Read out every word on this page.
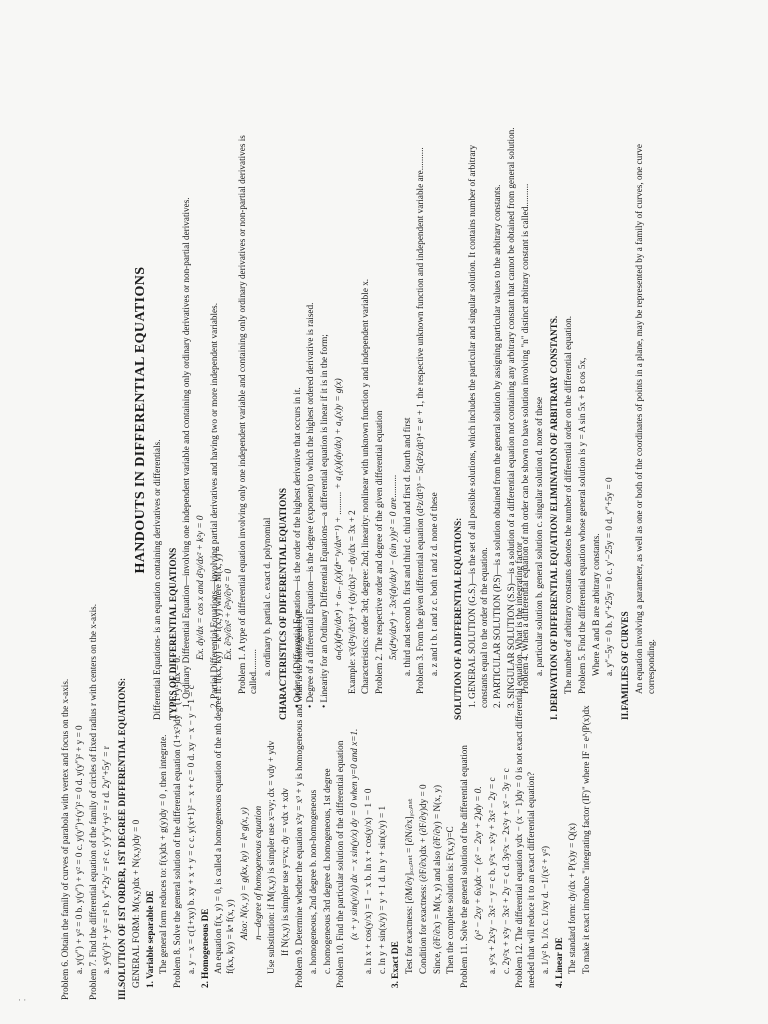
HANDOUTS IN DIFFERENTIAL EQUATIONS

Differential Equations- is an equation containing derivatives or differentials. TYPES OF DIFFERENTIAL EQUATIONS 1. Ordinary Differential Equation—involving one independent variable and containing only ordinary derivatives or non-partial derivatives. Ex. dy/dx = cos x and d²y/dx² + k²y = 0 2. Partial Differential Equations—involving partial derivatives and having two or more independent variables. Ex. ∂²y/∂x² + ∂²y/∂y² = 0 Problem 1. A type of differential equation involving only one independent variable and containing only ordinary derivatives or non-partial derivatives is called.......... a. ordinary b. partial c. exact d. polynomial CHARACTERISTICS OF DIFFERENTIAL EQUATIONS • Order of Differential Equation—is the order of the highest derivative that occurs in it. • Degree of a differential Equation—is the degree (exponent) to which the highest ordered derivative is raised. • Linearity for an Ordinary Differential Equations—a differential equation is linear if it is in the form; aₙ(x)(dⁿy/dxⁿ) + aₙ₋₁(x)(dⁿ⁻¹y/dxⁿ⁻¹) + .......... + a₁(x)(dy/dx) + a₀(x)y = g(x) Example: x²(d²y/dx²)³ + (dy/dx)² − dy/dx = 3x + 2 Characteristics: order 3rd; degree: 2nd; linearity: nonlinear with unknown function y and independent variable x. Problem 2. The respective order and degree of the given differential equation 5x(d⁴y/dx⁴) + 3x²(dy/dx)³ − (sin y)y² = 0 are.......... a. third and second b. first and third c. third and first d. fourth and first Problem 3. From the given differential equation (d²z/dt²)³ − 5t(d²z/dt²)⁴ = eᵗ + 1, the respective unknown function and independent variable are.......... a. z and t b. t and z c. both t and z d. none of these SOLUTION OF A DIFFERENTIAL EQUATIONS: 1. GENERAL SOLUTION (G.S.)—is the set of all possible solutions, which includes the particular and singular solution. It contains number of arbitrary constants equal to the order of the equation. 2. PARTICULAR SOLUTION (P.S)—is a solution obtained from the general solution by assigning particular values to the arbitrary constants. 3. SINGULAR SOLUTION (S.S)—is a solution of a differential equation not containing any arbitrary constant that cannot be obtained from general solution. Problem 4. When a differential equation of nth order can be shown to have solution involving "n" distinct arbitrary constant is called.......... a. particular solution b. general solution c. singular solution d. none of these I. DERIVATION OF DIFFERENTIAL EQUATION/ ELIMINATION OF ARBITRARY CONSTANTS. The number of arbitrary constants denotes the number of differential order on the differential equation. Problem 5. Find the differential equation whose general solution is y = A sin 5x + B cos 5x, Where A and B are arbitrary constants. a. y″−5y = 0 b. y″+25y = 0 c. y′−25y = 0 d. y″+5y = 0 II.FAMILIES OF CURVES An equation involving a parameter, as well as one or both of the coordinates of points in a plane, may be represented by a family of curves, one curve corresponding.

Problem 6. Obtain the family of curves of parabola with vertex and focus on the x-axis. a. y(y″) + y² = 0 b. y(y″) + y² = 0 c. y(y″)+(y′)² = 0 d. y(y″)² + y = 0 Problem 7. Find the differential equation of the family of circles of fixed radius r with centers on the x-axis. a. y²(y′)² + y² = r² b. y″+2y′ = r² c. y′y″y′+y² = r d. 2y″+5y′ = r III.SOLUTION OF 1ST ORDER, 1ST DEGREE DIFFERENTIAL EQUATIONS: GENERAL FORM: M(x,y)dx + N(x,y)dy = 0 1. Variable separable DE The general form reduces to: f(x)dx + g(y)dy = 0 , then integrate. Problem 8. Solve the general solution of the differential equation (1+x²)dy − (1+y²)dx = 0. a. y − x = c(1+xy) b. xy + x + y = c c. y(x+1)² − x + c = 0 d. xy − x − y − 1 = c 2. Homogeneous DE An equation f(x, y) = 0, is called a homogeneous equation of the nth degree if: f(kx, ky) = kⁿ f(x, y) where M(x, y) = f(kx, ky) = kⁿ f(x, y) Also: N(x, y) = g(kx, ky) = kⁿ g(x, y) n—degree of homogeneous equation Use substitution: if M(x,y) is simpler use x=vy; dx = vdy + ydv If N(x,y) is simpler use y=vx; dy = vdx + xdv Problem 9. Determine whether the equation x²y = x³ + y is homogeneous and what is its homogeneity? a. homogeneous, 2nd degree b. non-homogeneous c. homogeneous 3rd degree d. homogeneous, 1st degree Problem 10. Find the particular solution of the differential equation (x + y sin(y/x)) dx − x sin(y/x) dy = 0 when y=0 and x=1. a. ln x + cos(y/x) = 1 − x b. ln x + cos(y/x) − 1 = 0 c. ln y + sin(x/y) = y + 1 d. ln y + sin(x/y) = 1 3. Exact DE Test for exactness: [∂M/∂y]ₓ꜀ₒₙₛₜ = [∂N/∂x]ᵧ꜀ₒₙₛₜ Condition for exactness: (∂F/∂x)dx + (∂F/∂y)dy = 0 Since, (∂F/∂x) = M(x, y) and also (∂F/∂y) = N(x, y) Then the complete solution is: F(x,y)=C Problem 11. Solve the general solution of the differential equation (y² − 2xy + 6x)dx − (x² − 2xy + 2)dy = 0. a. y²x + 2x²y − 3x² − y = c b. y²x − x²y + 3x² − 2y = c c. 2y²x + x²y − 3x² + 2y = c d. 3y²x − 2x²y + x² − 3y = c Problem 12. The differential equation ydx − (x − 1)dy = 0 is not exact differential equation. What is the integrating factor needed that will reduce it to an exact differential equation? a. 1/y² b. 1/x c. 1/xy d. −1/(x² + y²) 4. Linear DE The standard form: dy/dx + P(x)y = Q(x) To make it exact introduce "integrating factor (IF)" where IF = e^∫P(x)dx

· ·
